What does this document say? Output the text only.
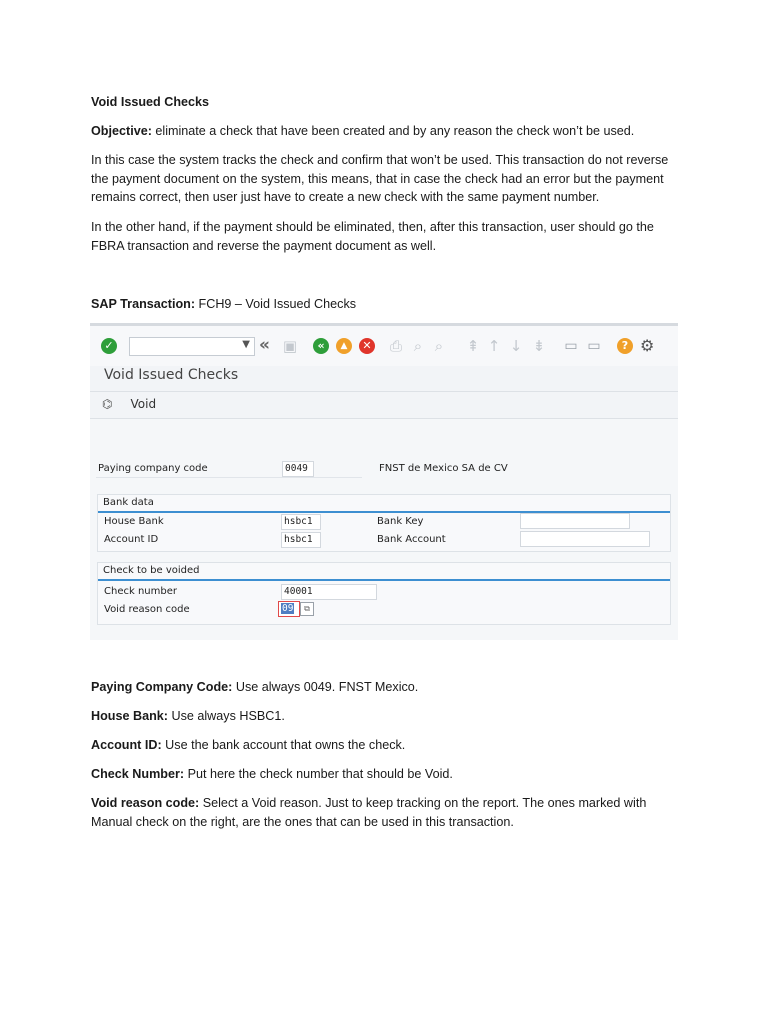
Void Issued Checks

Objective: eliminate a check that have been created and by any reason the check won’t be used.

In this case the system tracks the check and confirm that won’t be used. This transaction do not reverse the payment document on the system, this means, that in case the check had an error but the payment remains correct, then user just have to create a new check with the same payment number.

In the other hand, if the payment should be eliminated, then, after this transaction, user should go the FBRA transaction and reverse the payment document as well.

SAP Transaction: FCH9 – Void Issued Checks

✓	▼ « ▣	«	▲	✕ ⎙ ⌕ ⌕ ⇞ ↑ ↓ ⇟ ▭ ▭	? ⚙
Void Issued Checks
⌬ Void
Paying company code	0049	FNST de Mexico SA de CV
Bank data
House Bank	hsbc1	Bank Key
Account ID	hsbc1	Bank Account
Check to be voided
Check number	40001
Void reason code	09	⧉

Paying Company Code: Use always 0049. FNST Mexico.

House Bank: Use always HSBC1.

Account ID: Use the bank account that owns the check.

Check Number: Put here the check number that should be Void.

Void reason code: Select a Void reason. Just to keep tracking on the report. The ones marked with Manual check on the right, are the ones that can be used in this transaction.
